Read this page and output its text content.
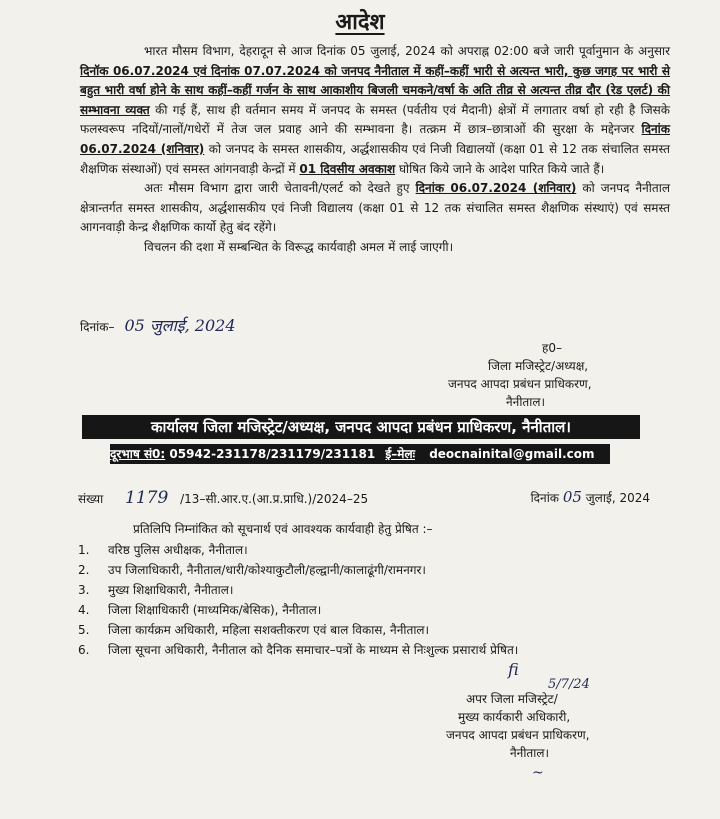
आदेश

भारत मौसम विभाग, देहरादून से आज दिनांक 05 जुलाई, 2024 को अपराह्न 02:00 बजे जारी पूर्वानुमान के अनुसार दिनॉक 06.07.2024 एवं दिनांक 07.07.2024 को जनपद नैनीताल में कहीं–कहीं भारी से अत्यन्त भारी, कुछ जगह पर भारी से बहुत भारी वर्षा होने के साथ कहीं–कहीं गर्जन के साथ आकाशीय बिजली चमकने/वर्षा के अति तीव्र से अत्यन्त तीव्र दौर (रेड एलर्ट) की सम्भावना व्यक्त की गई हैं, साथ ही वर्तमान समय में जनपद के समस्त (पर्वतीय एवं मैदानी) क्षेत्रों में लगातार वर्षा हो रही है जिसके फलस्वरूप नदियों/नालों/गधेरों में तेज जल प्रवाह आने की सम्भावना है। तत्क्रम में छात्र–छात्राओं की सुरक्षा के मद्देनजर दिनांक 06.07.2024 (शनिवार) को जनपद के समस्त शासकीय, अर्द्धशासकीय एवं निजी विद्यालयों (कक्षा 01 से 12 तक संचालित समस्त शैक्षणिक संस्थाओं) एवं समस्त आंगनवाड़ी केन्द्रों में 01 दिवसीय अवकाश घोषित किये जाने के आदेश पारित किये जाते हैं।

अतः मौसम विभाग द्वारा जारी चेतावनी/एलर्ट को देखते हुए दिनांक 06.07.2024 (शनिवार) को जनपद नैनीताल क्षेत्रान्तर्गत समस्त शासकीय, अर्द्धशासकीय एवं निजी विद्यालय (कक्षा 01 से 12 तक संचालित समस्त शैक्षणिक संस्थाएं) एवं समस्त आगनवाड़ी केन्द्र शैक्षणिक कार्यो हेतु बंद रहेंगे।

विचलन की दशा में सम्बन्धित के विरूद्ध कार्यवाही अमल में लाई जाएगी।

दिनांक– 05 जुलाई, 2024
ह0–
जिला मजिस्ट्रेट/अध्यक्ष,
जनपद आपदा प्रबंधन प्राधिकरण,
नैनीताल।
कार्यालय जिला मजिस्ट्रेट/अध्यक्ष, जनपद आपदा प्रबंधन प्राधिकरण, नैनीताल।
दूरभाष सं0: 05942-231178/231179/231181 ई–मेलः deocnainital@gmail.com
संख्या 1179 /13–सी.आर.ए.(आ.प्र.प्राधि.)/2024–25	दिनांक 05 जुलाई, 2024
प्रतिलिपि निम्नांकित को सूचनार्थ एवं आवश्यक कार्यवाही हेतु प्रेषित :–
1. वरिष्ठ पुलिस अधीक्षक, नैनीताल।
2. उप जिलाधिकारी, नैनीताल/धारी/कोश्याकुटौली/हल्द्वानी/कालाढूंगी/रामनगर।
3. मुख्य शिक्षाधिकारी, नैनीताल।
4. जिला शिक्षाधिकारी (माध्यमिक/बेसिक), नैनीताल।
5. जिला कार्यक्रम अधिकारी, महिला सशक्तीकरण एवं बाल विकास, नैनीताल।
6. जिला सूचना अधिकारी, नैनीताल को दैनिक समाचार–पत्रों के माध्यम से निःशुल्क प्रसारार्थ प्रेषित।
ﬁ
5/7/24
अपर जिला मजिस्ट्रेट/
मुख्य कार्यकारी अधिकारी,
जनपद आपदा प्रबंधन प्राधिकरण,
नैनीताल।
~
